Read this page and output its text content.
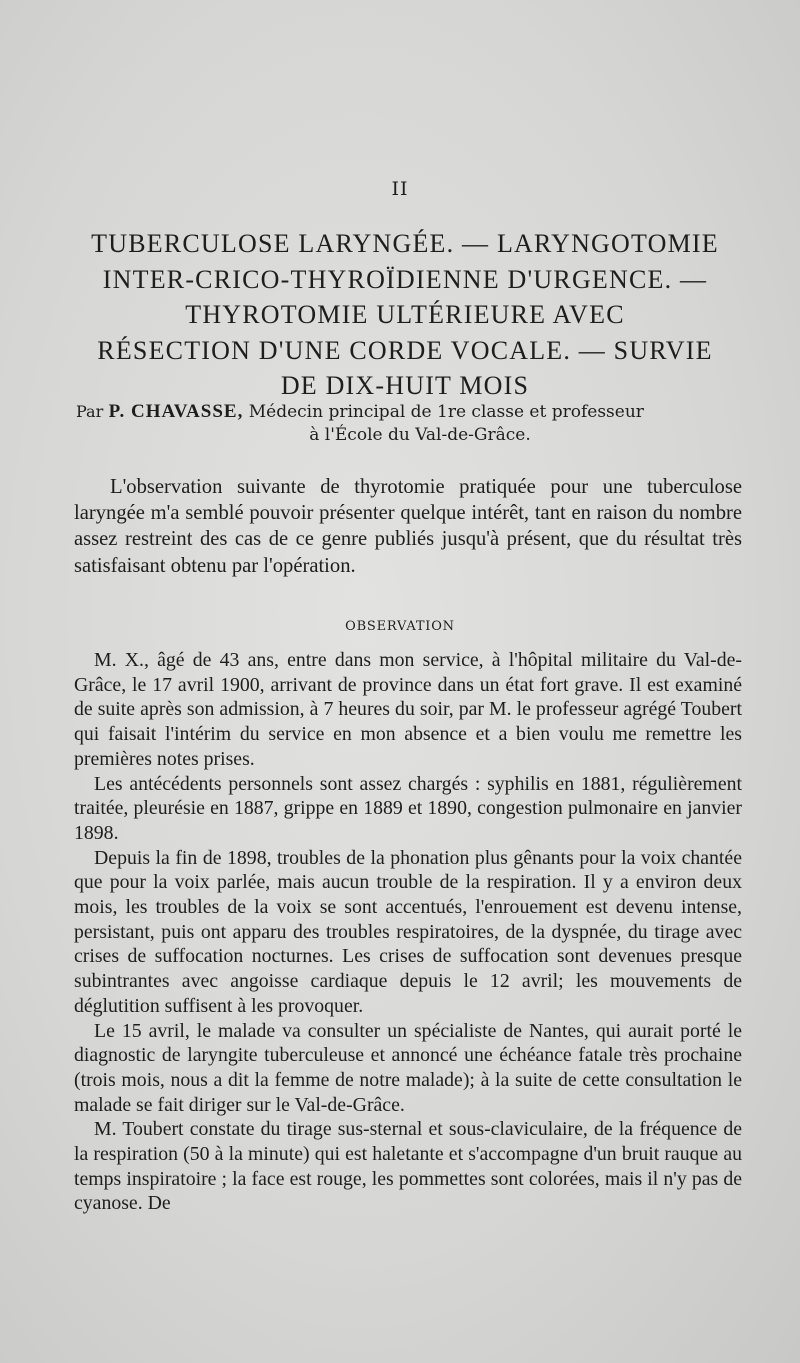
II
TUBERCULOSE LARYNGÉE. — LARYNGOTOMIE
INTER-CRICO-THYROÏDIENNE D'URGENCE. —
THYROTOMIE ULTÉRIEURE AVEC
RÉSECTION D'UNE CORDE VOCALE. — SURVIE
DE DIX-HUIT MOIS
Par P. CHAVASSE, Médecin principal de 1re classe et professeur
à l'École du Val-de-Grâce.

L'observation suivante de thyrotomie pratiquée pour une tuberculose laryngée m'a semblé pouvoir présenter quelque intérêt, tant en raison du nombre assez restreint des cas de ce genre publiés jusqu'à présent, que du résultat très satisfaisant obtenu par l'opération.

OBSERVATION

M. X., âgé de 43 ans, entre dans mon service, à l'hôpital militaire du Val-de-Grâce, le 17 avril 1900, arrivant de province dans un état fort grave. Il est examiné de suite après son admission, à 7 heures du soir, par M. le professeur agrégé Toubert qui faisait l'intérim du service en mon absence et a bien voulu me remettre les premières notes prises.

Les antécédents personnels sont assez chargés : syphilis en 1881, régulièrement traitée, pleurésie en 1887, grippe en 1889 et 1890, congestion pulmonaire en janvier 1898.

Depuis la fin de 1898, troubles de la phonation plus gênants pour la voix chantée que pour la voix parlée, mais aucun trouble de la respiration. Il y a environ deux mois, les troubles de la voix se sont accentués, l'enrouement est devenu intense, persistant, puis ont apparu des troubles respiratoires, de la dyspnée, du tirage avec crises de suffocation nocturnes. Les crises de suffocation sont devenues presque subintrantes avec angoisse cardiaque depuis le 12 avril; les mouvements de déglutition suffisent à les provoquer.

Le 15 avril, le malade va consulter un spécialiste de Nantes, qui aurait porté le diagnostic de laryngite tuberculeuse et annoncé une échéance fatale très prochaine (trois mois, nous a dit la femme de notre malade); à la suite de cette consultation le malade se fait diriger sur le Val-de-Grâce.

M. Toubert constate du tirage sus-sternal et sous-claviculaire, de la fréquence de la respiration (50 à la minute) qui est haletante et s'accompagne d'un bruit rauque au temps inspiratoire ; la face est rouge, les pommettes sont colorées, mais il n'y pas de cyanose. De
